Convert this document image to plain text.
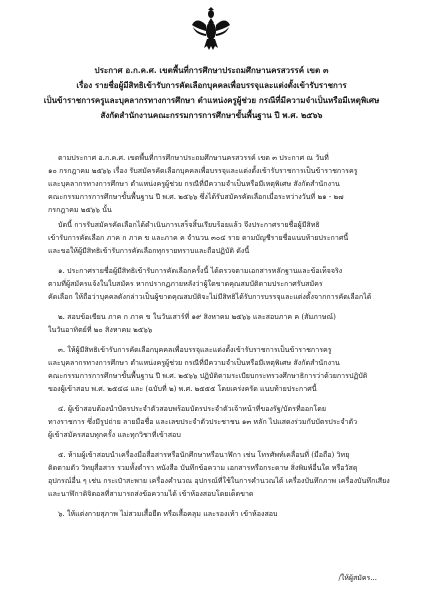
ประกาศ อ.ก.ค.ศ. เขตพื้นที่การศึกษาประถมศึกษานครสวรรค์ เขต ๓
เรื่อง รายชื่อผู้มีสิทธิเข้ารับการคัดเลือกบุคคลเพื่อบรรจุและแต่งตั้งเข้ารับราชการ
เป็นข้าราชการครูและบุคลากรทางการศึกษา ตำแหน่งครูผู้ช่วย กรณีที่มีความจำเป็นหรือมีเหตุพิเศษ
สังกัดสำนักงานคณะกรรมการการศึกษาขั้นพื้นฐาน ปี พ.ศ. ๒๕๖๖
ตามประกาศ อ.ก.ค.ศ. เขตพื้นที่การศึกษาประถมศึกษานครสวรรค์ เขต ๓ ประกาศ ณ วันที่
๑๐ กรกฎาคม ๒๕๖๖ เรื่อง รับสมัครคัดเลือกบุคคลเพื่อบรรจุและแต่งตั้งเข้ารับราชการเป็นข้าราชการครู
และบุคลากรทางการศึกษา ตำแหน่งครูผู้ช่วย กรณีที่มีความจำเป็นหรือมีเหตุพิเศษ สังกัดสำนักงาน
คณะกรรมการการศึกษาขั้นพื้นฐาน ปี พ.ศ. ๒๕๖๖ ซึ่งได้รับสมัครคัดเลือกเมื่อระหว่างวันที่ ๒๑ - ๒๗
กรกฎาคม ๒๕๖๖ นั้น
บัดนี้ การรับสมัครคัดเลือกได้ดำเนินการเสร็จสิ้นเรียบร้อยแล้ว จึงประกาศรายชื่อผู้มีสิทธิ
เข้ารับการคัดเลือก ภาค ก ภาค ข และภาค ค จำนวน ๓๐๔ ราย ตามบัญชีรายชื่อแนบท้ายประกาศนี้
และขอให้ผู้มีสิทธิเข้ารับการคัดเลือกทุกรายทราบและถือปฏิบัติ ดังนี้
๑. ประกาศรายชื่อผู้มีสิทธิเข้ารับการคัดเลือกครั้งนี้ ได้ตรวจตามเอกสารหลักฐานและข้อเท็จจริง
ตามที่ผู้สมัครแจ้งในใบสมัคร หากปรากฏภายหลังว่าผู้ใดขาดคุณสมบัติตามประกาศรับสมัคร
คัดเลือก ให้ถือว่าบุคคลดังกล่าวเป็นผู้ขาดคุณสมบัติจะไม่มีสิทธิได้รับการบรรจุและแต่งตั้งจากการคัดเลือกได้
๒. สอบข้อเขียน ภาค ก ภาค ข ในวันเสาร์ที่ ๑๙ สิงหาคม ๒๕๖๖ และสอบภาค ค (สัมภาษณ์)
ในวันอาทิตย์ที่ ๒๐ สิงหาคม ๒๕๖๖
๓. ให้ผู้มีสิทธิเข้ารับการคัดเลือกบุคคลเพื่อบรรจุและแต่งตั้งเข้ารับราชการเป็นข้าราชการครู
และบุคลากรทางการศึกษา ตำแหน่งครูผู้ช่วย กรณีที่มีความจำเป็นหรือมีเหตุพิเศษ สังกัดสำนักงาน
คณะกรรมการการศึกษาขั้นพื้นฐาน ปี พ.ศ. ๒๕๖๖ ปฏิบัติตามระเบียบกระทรวงศึกษาธิการว่าด้วยการปฏิบัติ
ของผู้เข้าสอบ พ.ศ. ๒๕๔๘ และ (ฉบับที่ ๒) พ.ศ. ๒๕๕๕ โดยเคร่งครัด แนบท้ายประกาศนี้
๔. ผู้เข้าสอบต้องนำบัตรประจำตัวสอบพร้อมบัตรประจำตัวเจ้าหน้าที่ของรัฐ/บัตรที่ออกโดย
ทางราชการ ซึ่งมีรูปถ่าย ลายมือชื่อ และเลขประจำตัวประชาชน ๑๓ หลัก ไปแสดงร่วมกับบัตรประจำตัว
ผู้เข้าสมัครสอบทุกครั้ง และทุกวิชาที่เข้าสอบ
๕. ห้ามผู้เข้าสอบนำเครื่องมือสื่อสารหรือนักศึกษาหรือนาฬิกา เช่น โทรศัพท์เคลื่อนที่ (มือถือ) วิทยุ
ติดตามตัว วิทยุสื่อสาร รวมทั้งตำรา หนังสือ บันทึกข้อความ เอกสารหรือกระดาษ สิ่งพิมพ์อื่นใด หรือวัสดุ
อุปกรณ์อื่น ๆ เช่น กระเป๋าสะพาย เครื่องคำนวณ อุปกรณ์ที่ใช้ในการคำนวณได้ เครื่องบันทึกภาพ เครื่องบันทึกเสียง
และนาฬิกาดิจิตอลที่สามารถส่งข้อความได้ เข้าห้องสอบโดยเด็ดขาด
๖. ให้แต่งกายสุภาพ ไม่สวมเสื้อยืด หรือเสื้อคลุม และรองเท้า เข้าห้องสอบ
/ให้ผู้สมัคร...
